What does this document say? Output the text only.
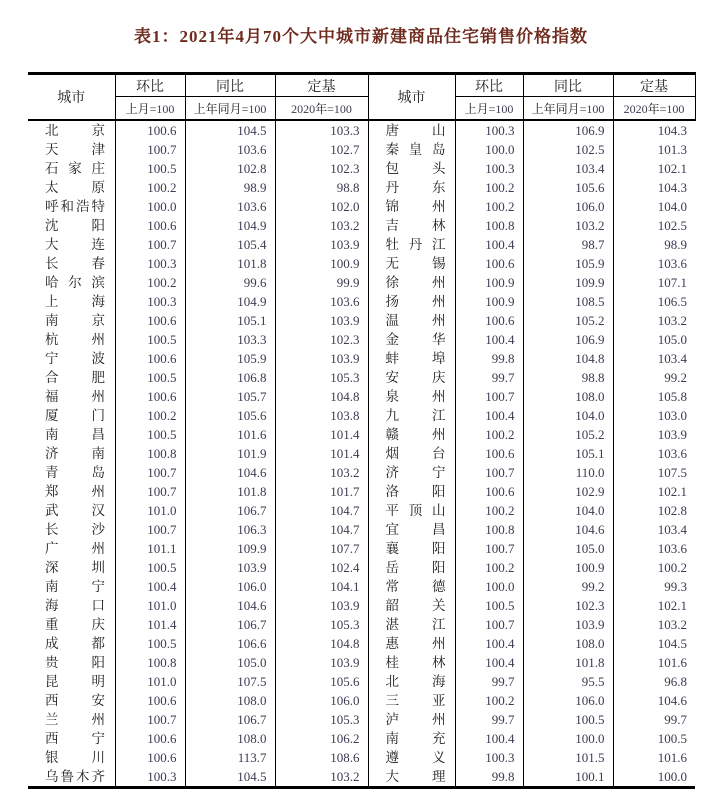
表1：2021年4月70个大中城市新建商品住宅销售价格指数
城市	环比	同比	定基	城市	环比	同比	定基
	上月=100	上年同月=100	2020年=100		上月=100	上年同月=100	2020年=100

北 京	100.6	104.5	103.3	唐 山	100.3	106.9	104.3

天 津	100.7	103.6	102.7	秦 皇 岛	100.0	102.5	101.3

石 家 庄	100.5	102.8	102.3	包 头	100.3	103.4	102.1

太 原	100.2	98.9	98.8	丹 东	100.2	105.6	104.3

呼 和 浩 特	100.0	103.6	102.0	锦 州	100.2	106.0	104.0

沈 阳	100.6	104.9	103.2	吉 林	100.8	103.2	102.5

大 连	100.7	105.4	103.9	牡 丹 江	100.4	98.7	98.9

长 春	100.3	101.8	100.9	无 锡	100.6	105.9	103.6

哈 尔 滨	100.2	99.6	99.9	徐 州	100.9	109.9	107.1

上 海	100.3	104.9	103.6	扬 州	100.9	108.5	106.5

南 京	100.6	105.1	103.9	温 州	100.6	105.2	103.2

杭 州	100.5	103.3	102.3	金 华	100.4	106.9	105.0

宁 波	100.6	105.9	103.9	蚌 埠	99.8	104.8	103.4

合 肥	100.5	106.8	105.3	安 庆	99.7	98.8	99.2

福 州	100.6	105.7	104.8	泉 州	100.7	108.0	105.8

厦 门	100.2	105.6	103.8	九 江	100.4	104.0	103.0

南 昌	100.5	101.6	101.4	赣 州	100.2	105.2	103.9

济 南	100.8	101.9	101.4	烟 台	100.6	105.1	103.6

青 岛	100.7	104.6	103.2	济 宁	100.7	110.0	107.5

郑 州	100.7	101.8	101.7	洛 阳	100.6	102.9	102.1

武 汉	101.0	106.7	104.7	平 顶 山	100.2	104.0	102.8

长 沙	100.7	106.3	104.7	宜 昌	100.8	104.6	103.4

广 州	101.1	109.9	107.7	襄 阳	100.7	105.0	103.6

深 圳	100.5	103.9	102.4	岳 阳	100.2	100.9	100.2

南 宁	100.4	106.0	104.1	常 德	100.0	99.2	99.3

海 口	101.0	104.6	103.9	韶 关	100.5	102.3	102.1

重 庆	101.4	106.7	105.3	湛 江	100.7	103.9	103.2

成 都	100.5	106.6	104.8	惠 州	100.4	108.0	104.5

贵 阳	100.8	105.0	103.9	桂 林	100.4	101.8	101.6

昆 明	101.0	107.5	105.6	北 海	99.7	95.5	96.8

西 安	100.6	108.0	106.0	三 亚	100.2	106.0	104.6

兰 州	100.7	106.7	105.3	泸 州	99.7	100.5	99.7

西 宁	100.6	108.0	106.2	南 充	100.4	100.0	100.5

银 川	100.6	113.7	108.6	遵 义	100.3	101.5	101.6

乌 鲁 木 齐	100.3	104.5	103.2	大 理	99.8	100.1	100.0
